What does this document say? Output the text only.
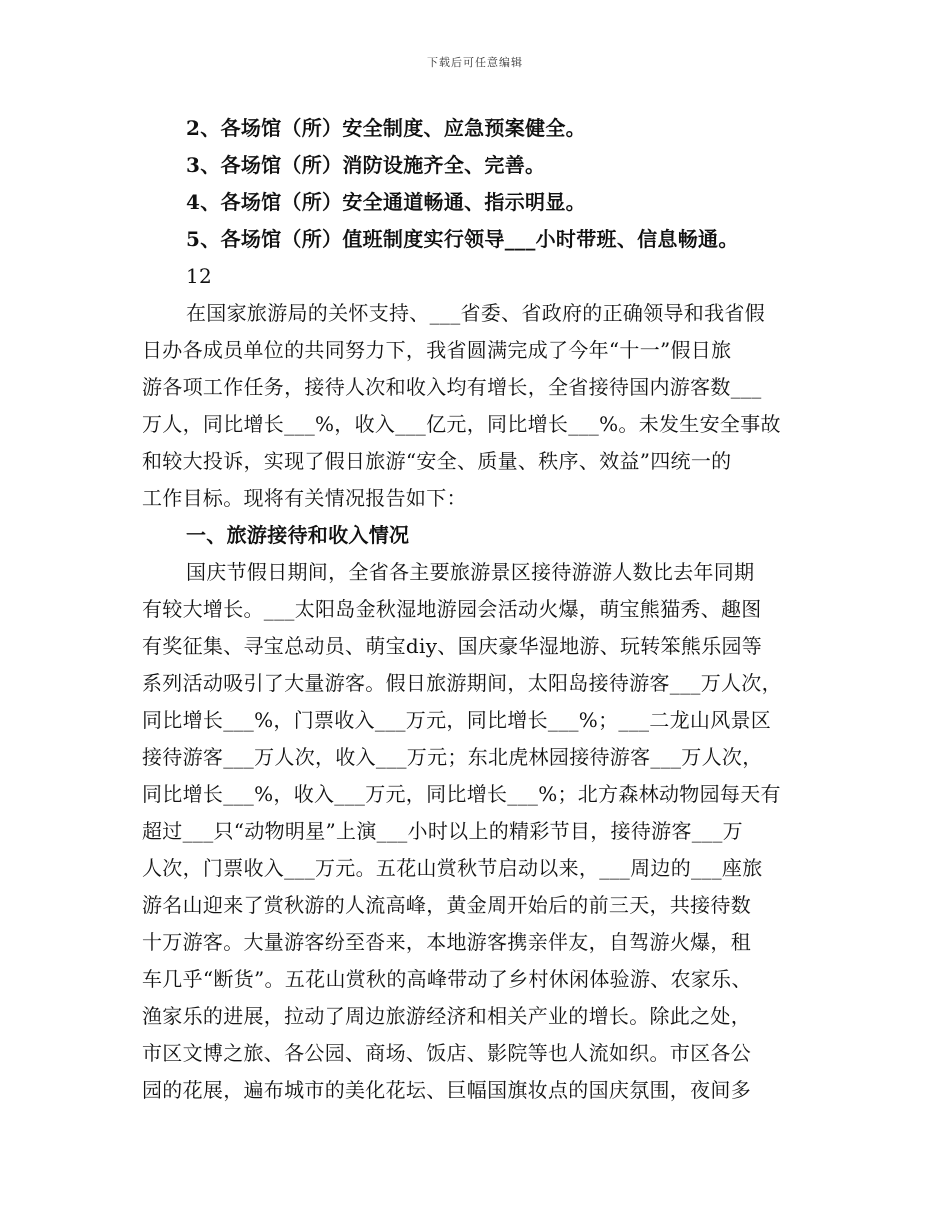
下载后可任意编辑
2、各场馆（所）安全制度、应急预案健全。
3、各场馆（所）消防设施齐全、完善。
4、各场馆（所）安全通道畅通、指示明显。
5、各场馆（所）值班制度实行领导___小时带班、信息畅通。
12
在国家旅游局的关怀支持、___省委、省政府的正确领导和我省假
日办各成员单位的共同努力下，我省圆满完成了今年“十一”假日旅
游各项工作任务，接待人次和收入均有增长，全省接待国内游客数___
万人，同比增长___%，收入___亿元，同比增长___%。未发生安全事故
和较大投诉，实现了假日旅游“安全、质量、秩序、效益”四统一的
工作目标。现将有关情况报告如下：
一、旅游接待和收入情况
国庆节假日期间，全省各主要旅游景区接待游游人数比去年同期
有较大增长。___太阳岛金秋湿地游园会活动火爆，萌宝熊猫秀、趣图
有奖征集、寻宝总动员、萌宝diy、国庆豪华湿地游、玩转笨熊乐园等
系列活动吸引了大量游客。假日旅游期间，太阳岛接待游客___万人次，
同比增长___%，门票收入___万元，同比增长___%；___二龙山风景区
接待游客___万人次，收入___万元；东北虎林园接待游客___万人次，
同比增长___%，收入___万元，同比增长___%；北方森林动物园每天有
超过___只“动物明星”上演___小时以上的精彩节目，接待游客___万
人次，门票收入___万元。五花山赏秋节启动以来，___周边的___座旅
游名山迎来了赏秋游的人流高峰，黄金周开始后的前三天，共接待数
十万游客。大量游客纷至沓来，本地游客携亲伴友，自驾游火爆，租
车几乎“断货”。五花山赏秋的高峰带动了乡村休闲体验游、农家乐、
渔家乐的进展，拉动了周边旅游经济和相关产业的增长。除此之处，
市区文博之旅、各公园、商场、饭店、影院等也人流如织。市区各公
园的花展，遍布城市的美化花坛、巨幅国旗妆点的国庆氛围，夜间多
